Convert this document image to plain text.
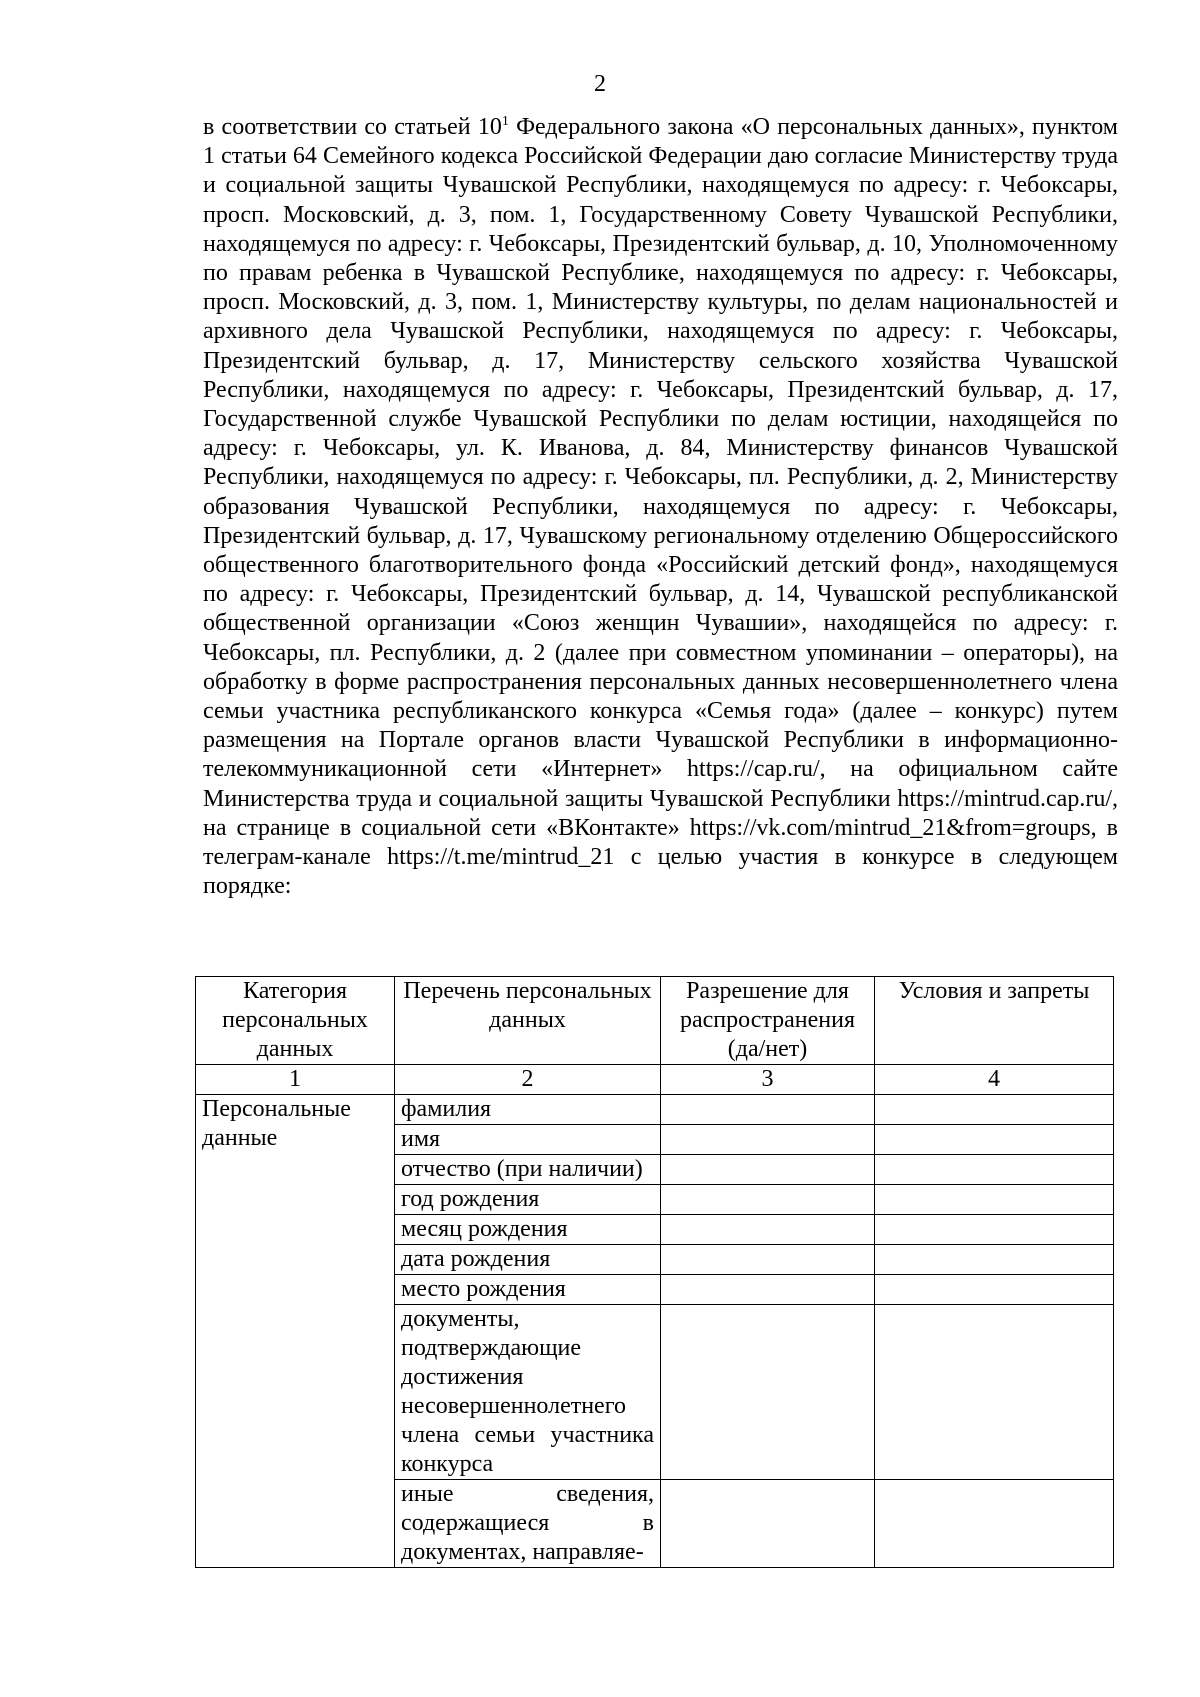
2

в соответствии со статьей $10^1$ Федерального закона «О персональных данных», пунктом 1 статьи 64 Семейного кодекса Российской Федерации даю согласие Министерству труда и социальной защиты Чувашской Республики, находящемуся по адресу: г. Чебоксары, просп. Московский, д. 3, пом. 1, Государственному Совету Чувашской Республики, находящемуся по адресу: г. Чебоксары, Президентский бульвар, д. 10, Уполномоченному по правам ребенка в Чувашской Республике, находящемуся по адресу: г. Чебоксары, просп. Московский, д. 3, пом. 1, Министерству культуры, по делам национальностей и архивного дела Чувашской Республики, находящемуся по адресу: г. Чебоксары, Президентский бульвар, д. 17, Министерству сельского хозяйства Чувашской Республики, находящемуся по адресу: г. Чебоксары, Президентский бульвар, д. 17, Государственной службе Чувашской Республики по делам юстиции, находящейся по адресу: г. Чебоксары, ул. К. Иванова, д. 84, Министерству финансов Чувашской Республики, находящемуся по адресу: г. Чебоксары, пл. Республики, д. 2, Министерству образования Чувашской Республики, находящемуся по адресу: г. Чебоксары, Президентский бульвар, д. 17, Чувашскому региональному отделению Общероссийского общественного благотворительного фонда «Российский детский фонд», находящемуся по адресу: г. Чебоксары, Президентский бульвар, д. 14, Чувашской республиканской общественной организации «Союз женщин Чувашии», находящейся по адресу: г. Чебоксары, пл. Республики, д. 2 (далее при совместном упоминании – операторы), на обработку в форме распространения персональных данных несовершеннолетнего члена семьи участника республиканского конкурса «Семья года» (далее – конкурс) путем размещения на Портале органов власти Чувашской Республики в информационно-телекоммуникационной сети «Интернет» https://cap.ru/, на официальном сайте Министерства труда и социальной защиты Чувашской Республики https://mintrud.cap.ru/, на странице в социальной сети «ВКонтакте» https://vk.com/mintrud_21&from=groups, в телеграм-канале https://t.me/mintrud_21 с целью участия в конкурсе в следующем порядке:

Категория персональных данных	Перечень персональных данных	Разрешение для распространения (да/нет)	Условия и запреты
1	2	3	4
Персональные данные	фамилия		
	имя		
	отчество (при наличии)		
	год рождения		
	месяц рождения		
	дата рождения		
	место рождения		
	документы, подтверждающие достижения несовершеннолетнего члена семьи участника конкурса		
	иные сведения, содержащиеся в документах, направляе-		
